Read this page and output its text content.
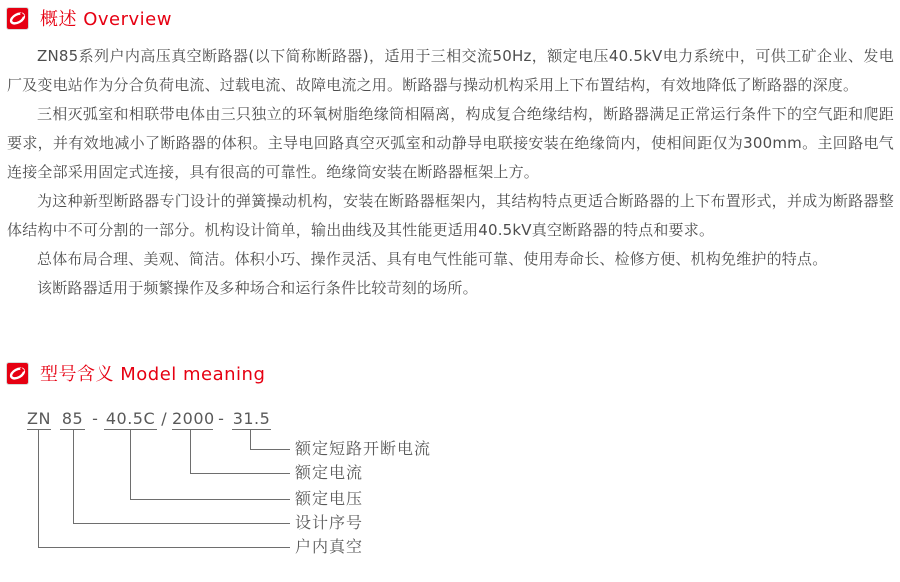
概述 Overview

ZN85系列户内高压真空断路器(以下简称断路器)，适用于三相交流50Hz，额定电压40.5kV电力系统中，可供工矿企业、发电厂及变电站作为分合负荷电流、过载电流、故障电流之用。断路器与操动机构采用上下布置结构，有效地降低了断路器的深度。

三相灭弧室和相联带电体由三只独立的环氧树脂绝缘筒相隔离，构成复合绝缘结构，断路器满足正常运行条件下的空气距和爬距要求，并有效地减小了断路器的体积。主导电回路真空灭弧室和动静导电联接安装在绝缘筒内，使相间距仅为300mm。主回路电气连接全部采用固定式连接，具有很高的可靠性。绝缘筒安装在断路器框架上方。

为这种新型断路器专门设计的弹簧操动机构，安装在断路器框架内，其结构特点更适合断路器的上下布置形式，并成为断路器整体结构中不可分割的一部分。机构设计简单，输出曲线及其性能更适用40.5kV真空断路器的特点和要求。

总体布局合理、美观、简洁。体积小巧、操作灵活、具有电气性能可靠、使用寿命长、检修方便、机构免维护的特点。

该断路器适用于频繁操作及多种场合和运行条件比较苛刻的场所。

型号含义 Model meaning
ZN 85 - 40.5C / 2000 - 31.5
额定短路开断电流
额定电流
额定电压
设计序号
户内真空
